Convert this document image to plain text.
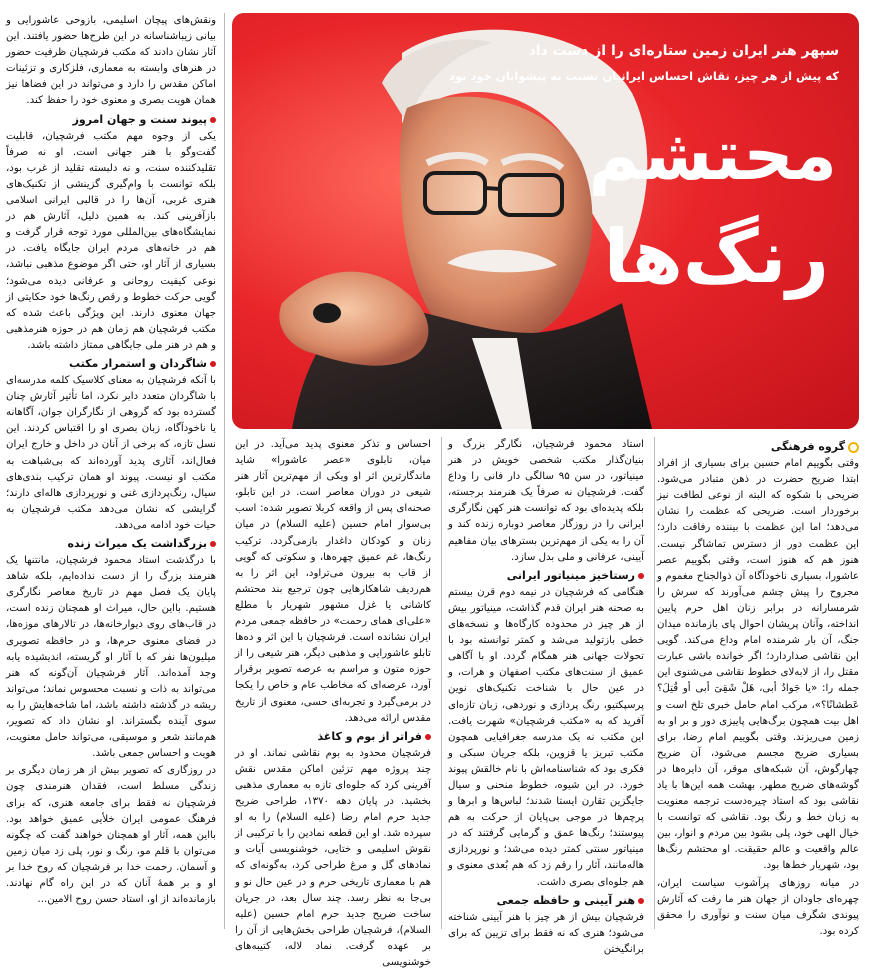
سپهر هنر ایران زمین ستاره‌ای را از دست داد
که پیش از هر چیز، نقاش احساس ایرانیان نسبت به پیشوایان خود بود
محتشم
رنگ‌ها
گروه فرهنگی

وقتی بگوییم امام حسین برای بسیاری از افراد ابتدا ضریح حضرت در ذهن متبادر می‌شود. ضریحی با شکوه که البته از نوعی لطافت نیز برخوردار است. ضریحی که عظمت را نشان می‌دهد؛ اما این عظمت با بیننده رفاقت دارد؛ این عظمت دور از دسترس تماشاگر نیست. هنوز هم که هنوز است، وقتی بگوییم عصر عاشورا، بسیاری ناخودآگاه آن ذوالجناح مغموم و مجروح را پیش چشم می‌آورند که سرش را شرمسارانه در برابر زنان اهل حرم پایین انداخته، وآنان پریشان احوال پای بازمانده میدان جنگ، آن بار شرمنده امام وداع می‌کند. گویی این نقاشی صداردارد؛ اگر خوانده باشی عبارت مقتل را، از لابه‌لای خطوط نقاشی می‌شنوی این جمله را: «یا جَوادُ أبی، هَلْ شَقِیَ أبی أو قُتِلَ؟ عَطشانًا؟»، مرکب امام حامل خبری تلخ است و اهل بیت همچون برگ‌هایی پاییزی دور و بر او به زمین می‌ریزند. وقتی بگوییم امام رضا، برای بسیاری ضریح مجسم می‌شود، آن ضریح چهارگوش، آن شبکه‌های موقر، آن دایره‌ها در گوشه‌های ضریح مطهر. بهشت همه این‌ها با یاد نقاشی بود که استاد چیره‌دست ترجمه معنویت به زبان خط و رنگ بود. نقاشی که توانست با خیال الهی خود، پلی بشود بین مردم و انوار، بین عالم واقعیت و عالم حقیقت. او محتشم رنگ‌ها بود، شهریار خط‌ها بود.

در میانه روزهای پرآشوب سیاست ایران، چهره‌ای جاودان از جهان هنر ما رفت که آثارش پیوندی شگرف میان سنت و نوآوری را محقق کرده بود.

استاد محمود فرشچیان، نگارگر بزرگ و بنیان‌گذار مکتب شخصی خویش در هنر مینیاتور، در سن ۹۵ سالگی دار فانی را وداع گفت. فرشچیان نه صرفاً یک هنرمند برجسته، بلکه پدیده‌ای بود که توانست هنر کهن نگارگری ایرانی را در روزگار معاصر دوباره زنده کند و آن را به یکی از مهم‌ترین بسترهای بیان مفاهیم آیینی، عرفانی و ملی بدل سازد.

رستاخیز مینیاتور ایرانی

هنگامی که فرشچیان در نیمه دوم قرن بیستم به صحنه هنر ایران قدم گذاشت، مینیاتور بیش از هر چیز در محدوده کارگاه‌ها و نسخه‌های خطی بازتولید می‌شد و کمتر توانسته بود با تحولات جهانی هنر همگام گردد. او با آگاهی عمیق از سنت‌های مکتب اصفهان و هرات، و در عین حال با شناخت تکنیک‌های نوین پرسپکتیو، رنگ پردازی و نوردهی، زبان تازه‌ای آفرید که به «مکتب فرشچیان» شهرت یافت. این مکتب نه یک مدرسه جغرافیایی همچون مکتب تبریز یا قزوین، بلکه جریان سبکی و فکری بود که شناسنامه‌اش با نام خالقش پیوند خورد. در این شیوه، خطوط منحنی و سیال جایگزین تقارن ایستا شدند؛ لباس‌ها و ابرها و پرچم‌ها در موجی بی‌پایان از حرکت به هم پیوستند؛ رنگ‌ها عمق و گرمایی گرفتند که در مینیاتور سنتی کمتر دیده می‌شد؛ و نورپردازی هاله‌مانند، آثار را رقم زد که هم بُعدی معنوی و هم جلوه‌ای بصری داشت.

هنر آیینی و حافظه جمعی

فرشچیان بیش از هر چیز با هنر آیینی شناخته می‌شود؛ هنری که نه فقط برای تزیین که برای برانگیختن

احساس و تذکر معنوی پدید می‌آید. در این میان، تابلوی «عصر عاشورا» شاید ماندگارترین اثر او ویکی از مهم‌ترین آثار هنر شیعی در دوران معاصر است. در این تابلو، صحنه‌ای پس از واقعه کربلا تصویر شده: اسب بی‌سوار امام حسین (علیه السلام) در میان زنان و کودکان داغدار بازمی‌گردد. ترکیب رنگ‌ها، غم عمیق چهره‌ها، و سکوتی که گویی از قاب به بیرون می‌تراود، این اثر را به هم‌ردیف شاهکارهایی چون ترجیع بند محتشم کاشانی یا غزل مشهور شهریار با مطلع «علی‌ای همای رحمت» در حافظه جمعی مردم ایران نشانده است. فرشچیان با این اثر و ده‌ها تابلو عاشورایی و مذهبی دیگر، هنر شیعی را از حوزه متون و مراسم به عرصه تصویر برقرار آورد، عرصه‌ای که مخاطب عام و خاص را یکجا در برمی‌گیرد و تجربه‌ای حسی، معنوی از تاریخ مقدس ارائه می‌دهد.

فراتر از بوم و کاغذ

فرشچیان محدود به بوم نقاشی نماند. او در چند پروژه مهم تزئین اماکن مقدس نقش آفرینی کرد که جلوه‌ای تازه به معماری مذهبی بخشید. در پایان دهه ۱۳۷۰، طراحی ضریح جدید حرم امام رضا (علیه السلام) را به او سپرده شد. او این قطعه نمادین را با ترکیبی از نقوش اسلیمی و ختایی، خوشنویسی آیات و نمادهای گل و مرغ طراحی کرد، به‌گونه‌ای که هم با معماری تاریخی حرم و در عین حال نو و بی‌جا به نظر رسد. چند سال بعد، در جریان ساخت ضریح جدید حرم امام حسین (علیه السلام)، فرشچیان طراحی بخش‌هایی از آن را بر عهده گرفت. نماد لاله، کتیبه‌های خوشنویسی

ونقش‌های پیچان اسلیمی، بازوحی عاشورایی و بیانی زیباشناسانه در این طرح‌ها حضور یافتند. این آثار نشان دادند که مکتب فرشچیان ظرفیت حضور در هنرهای وابسته به معماری، فلزکاری و تزئینات اماکن مقدس را دارد و می‌تواند در این فضاها نیز همان هویت بصری و معنوی خود را حفظ کند.

پیوند سنت و جهان امروز

یکی از وجوه مهم مکتب فرشچیان، قابلیت گفت‌وگو با هنر جهانی است. او نه صرفاً تقلیدکننده سنت، و نه دلبسته تقلید از غرب بود، بلکه توانست با وام‌گیری گزینشی از تکنیک‌های هنری غربی، آن‌ها را در قالبی ایرانی اسلامی بازآفرینی کند. به همین دلیل، آثارش هم در نمایشگاه‌های بین‌المللی مورد توجه قرار گرفت و هم در خانه‌های مردم ایران جایگاه یافت. در بسیاری از آثار او، حتی اگر موضوع مذهبی نباشد، نوعی کیفیت روحانی و عرفانی دیده می‌شود؛ گویی حرکت خطوط و رقص رنگ‌ها خود حکایتی از جهان معنوی دارند. این ویژگی باعث شده که مکتب فرشچیان هم زمان هم در حوزه هنرمذهبی و هم در هنر ملی جایگاهی ممتاز داشته باشد.

شاگردان و استمرار مکتب

با آنکه فرشچیان به معنای کلاسیک کلمه مدرسه‌ای با شاگردان متعدد دایر نکرد، اما تأثیر آثارش چنان گسترده بود که گروهی از نگارگران جوان، آگاهانه یا ناخودآگاه، زبان بصری او را اقتباس کردند. این نسل تازه، که برخی از آنان در داخل و خارج ایران فعال‌اند، آثاری پدید آورده‌اند که بی‌شباهت به مکتب او نیست. پیوند او همان ترکیب بندی‌های سیال، رنگ‌پردازی غنی و نورپردازی هاله‌ای دارند؛ گرایشی که نشان می‌دهد مکتب فرشچیان به حیات خود ادامه می‌دهد.

بزرگداشت یک میراث زنده

با درگذشت استاد محمود فرشچیان، مانتنها یک هنرمند بزرگ را از دست نداده‌ایم، بلکه شاهد پایان یک فصل مهم در تاریخ معاصر نگارگری هستیم. بااین حال، میراث او همچنان زنده است، در قاب‌های روی دیوارخانه‌ها، در تالارهای موزه‌ها، در فضای معنوی حرم‌ها، و در حافظه تصویری میلیون‌ها نفر که با آثار او گریسته، اندیشیده یابه وجد آمده‌اند. آثار فرشچیان آن‌گونه که هنر می‌تواند به ذات و نسبت محسوس نماند؛ می‌تواند ریشه در گذشته داشته باشد، اما شاخه‌هایش را به سوی آینده بگستراند. او نشان داد که تصویر، هم‌مانند شعر و موسیقی، می‌تواند حامل معنویت، هویت و احساس جمعی باشد.

در روزگاری که تصویر بیش از هر زمان دیگری بر زندگی مسلط است، فقدان هنرمندی چون فرشچیان نه فقط برای جامعه هنری، که برای فرهنگ عمومی ایران خلأیی عمیق خواهد بود. بااین همه، آثار او همچنان خواهند گفت که چگونه می‌توان با قلم مو، رنگ و نور، پلی زد میان زمین و آسمان. رحمت خدا بر فرشچیان که روح خدا بر او و بر همهٔ آنان که در این راه گام نهادند. بازمانده‌اند از او، استاد حسن روح الامین...
